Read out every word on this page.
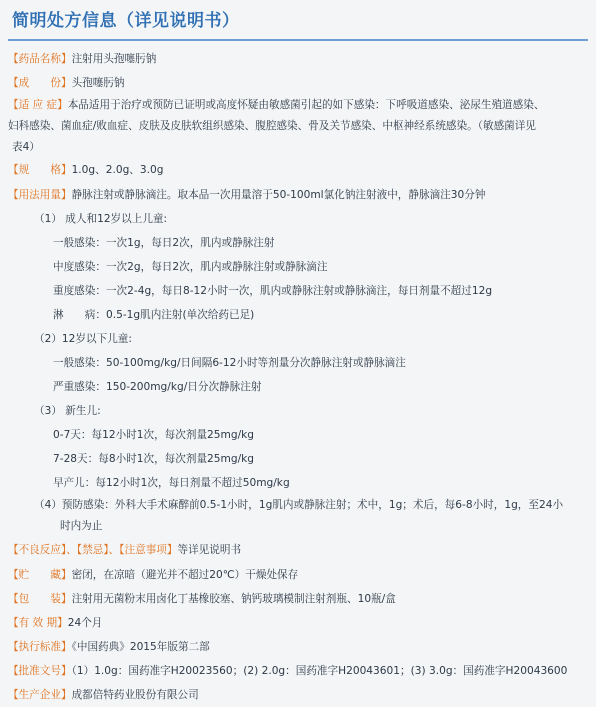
简明处方信息（详见说明书）
【药品名称】注射用头孢噻肟钠
【成　　份】头孢噻肟钠
【适 应 症】本品适用于治疗或预防已证明或高度怀疑由敏感菌引起的如下感染：下呼吸道感染、泌尿生殖道感染、
妇科感染、菌血症/败血症、皮肤及皮肤软组织感染、腹腔感染、骨及关节感染、中枢神经系统感染。（敏感菌详见
表4）
【规　　格】1.0g、2.0g、3.0g
【用法用量】静脉注射或静脉滴注。取本品一次用量溶于50-100ml氯化钠注射液中，静脉滴注30分钟
（1） 成人和12岁以上儿童:
一般感染：一次1g，每日2次，肌内或静脉注射
中度感染：一次2g，每日2次，肌内或静脉注射或静脉滴注
重度感染：一次2-4g，每日8-12小时一次，肌内或静脉注射或静脉滴注，每日剂量不超过12g
淋　　病：0.5-1g肌内注射(单次给药已足)
（2）12岁以下儿童:
一般感染：50-100mg/kg/日间隔6-12小时等剂量分次静脉注射或静脉滴注
严重感染：150-200mg/kg/日分次静脉注射
（3） 新生儿:
0-7天：每12小时1次，每次剂量25mg/kg
7-28天：每8小时1次，每次剂量25mg/kg
早产儿：每12小时1次，每日剂量不超过50mg/kg
（4）预防感染：外科大手术麻醉前0.5-1小时，1g肌内或静脉注射；术中，1g；术后，每6-8小时，1g，至24小
时内为止
【不良反应】、【禁忌】、【注意事项】等详见说明书
【贮　　藏】密闭，在凉暗（避光并不超过20℃）干燥处保存
【包　　装】注射用无菌粉末用卤化丁基橡胶塞、钠钙玻璃模制注射剂瓶、10瓶/盒
【有 效 期】24个月
【执行标准】《中国药典》2015年版第二部
【批准文号】（1）1.0g：国药准字H20023560；(2) 2.0g：国药准字H20043601；(3) 3.0g：国药准字H20043600
【生产企业】成都倍特药业股份有限公司
